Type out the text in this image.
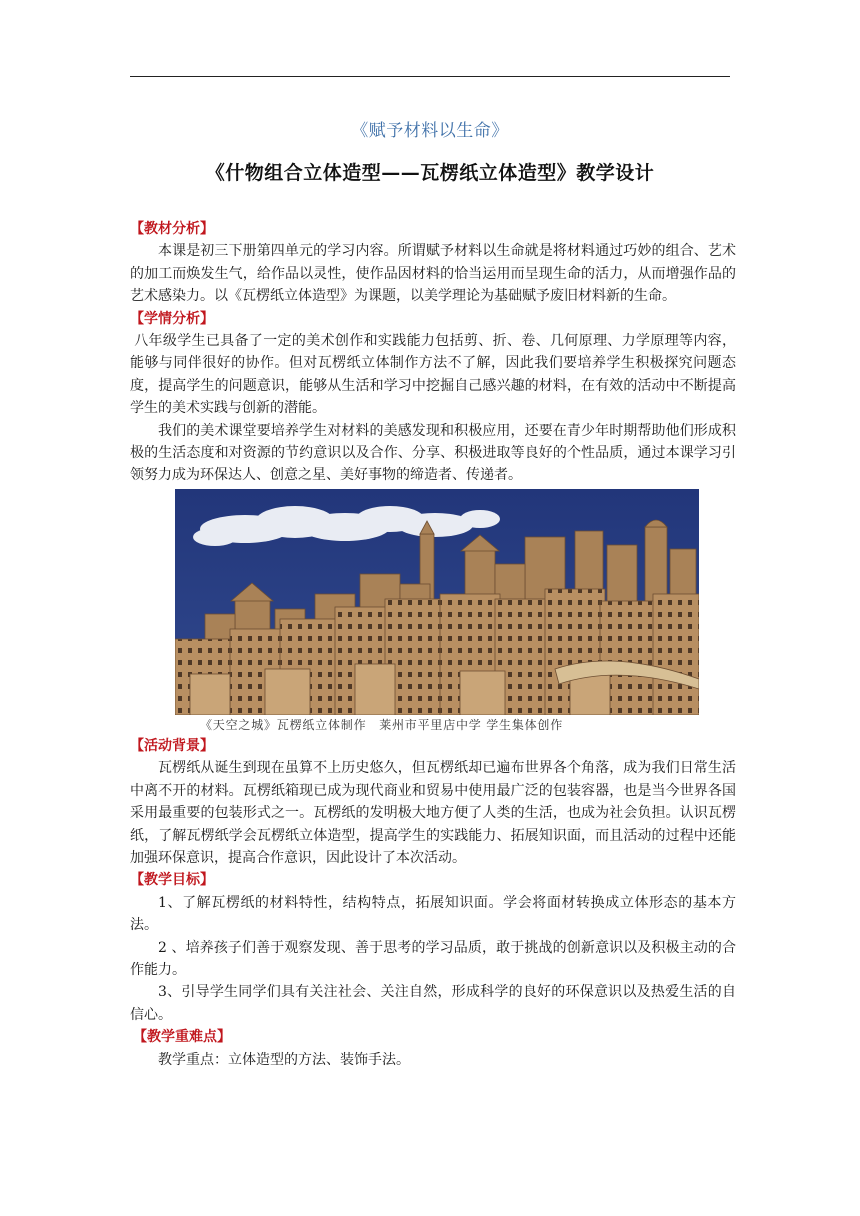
《赋予材料以生命》
《什物组合立体造型——瓦楞纸立体造型》教学设计

【教材分析】

本课是初三下册第四单元的学习内容。所谓赋予材料以生命就是将材料通过巧妙的组合、艺术的加工而焕发生气，给作品以灵性，使作品因材料的恰当运用而呈现生命的活力，从而增强作品的艺术感染力。以《瓦楞纸立体造型》为课题，以美学理论为基础赋予废旧材料新的生命。

【学情分析】

八年级学生已具备了一定的美术创作和实践能力包括剪、折、卷、几何原理、力学原理等内容，能够与同伴很好的协作。但对瓦楞纸立体制作方法不了解，因此我们要培养学生积极探究问题态度，提高学生的问题意识，能够从生活和学习中挖掘自己感兴趣的材料，在有效的活动中不断提高学生的美术实践与创新的潜能。

我们的美术课堂要培养学生对材料的美感发现和积极应用，还要在青少年时期帮助他们形成积极的生活态度和对资源的节约意识以及合作、分享、积极进取等良好的个性品质，通过本课学习引领努力成为环保达人、创意之星、美好事物的缔造者、传递者。

《天空之城》瓦楞纸立体制作　莱州市平里店中学 学生集体创作

【活动背景】

瓦楞纸从诞生到现在虽算不上历史悠久，但瓦楞纸却已遍布世界各个角落，成为我们日常生活中离不开的材料。瓦楞纸箱现已成为现代商业和贸易中使用最广泛的包装容器，也是当今世界各国采用最重要的包装形式之一。瓦楞纸的发明极大地方便了人类的生活，也成为社会负担。认识瓦楞纸，了解瓦楞纸学会瓦楞纸立体造型，提高学生的实践能力、拓展知识面，而且活动的过程中还能加强环保意识，提高合作意识，因此设计了本次活动。

【教学目标】

1、了解瓦楞纸的材料特性，结构特点，拓展知识面。学会将面材转换成立体形态的基本方法。

2 、培养孩子们善于观察发现、善于思考的学习品质，敢于挑战的创新意识以及积极主动的合作能力。

3、引导学生同学们具有关注社会、关注自然，形成科学的良好的环保意识以及热爱生活的自信心。

【教学重难点】

教学重点：立体造型的方法、装饰手法。
